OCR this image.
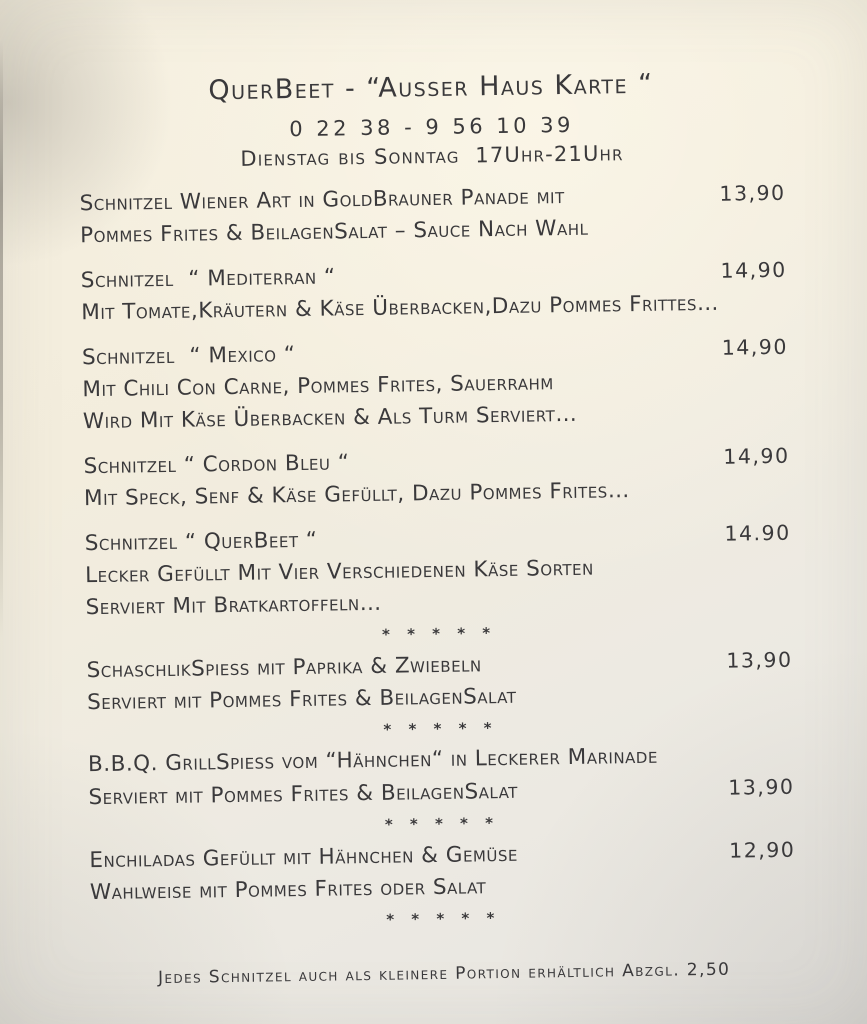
QuerBeet - “Ausser Haus Karte “
0 22 38 - 9 56 10 39
Dienstag bis Sonntag  17Uhr-21Uhr
Schnitzel Wiener Art in GoldBrauner Panade mit	13,90
Pommes Frites & BeilagenSalat – Sauce Nach Wahl
Schnitzel  “ Mediterran “	14,90
Mit Tomate,Kräutern & Käse Überbacken,Dazu Pommes Frittes…
Schnitzel  “ Mexico “	14,90
Mit Chili Con Carne, Pommes Frites, Sauerrahm
Wird Mit Käse Überbacken & Als Turm Serviert…
Schnitzel “ Cordon Bleu “	14,90
Mit Speck, Senf & Käse Gefüllt, Dazu Pommes Frites…
Schnitzel “ QuerBeet “	14.90
Lecker Gefüllt Mit Vier Verschiedenen Käse Sorten
Serviert Mit Bratkartoffeln…
* * * * *
SchaschlikSpiess mit Paprika & Zwiebeln	13,90
Serviert mit Pommes Frites & BeilagenSalat
* * * * *
B.B.Q. GrillSpiess vom “Hähnchen“ in Leckerer Marinade
Serviert mit Pommes Frites & BeilagenSalat	13,90
* * * * *
Enchiladas Gefüllt mit Hähnchen & Gemüse	12,90
Wahlweise mit Pommes Frites oder Salat
* * * * *
Jedes Schnitzel auch als kleinere Portion erhältlich Abzgl. 2,50
